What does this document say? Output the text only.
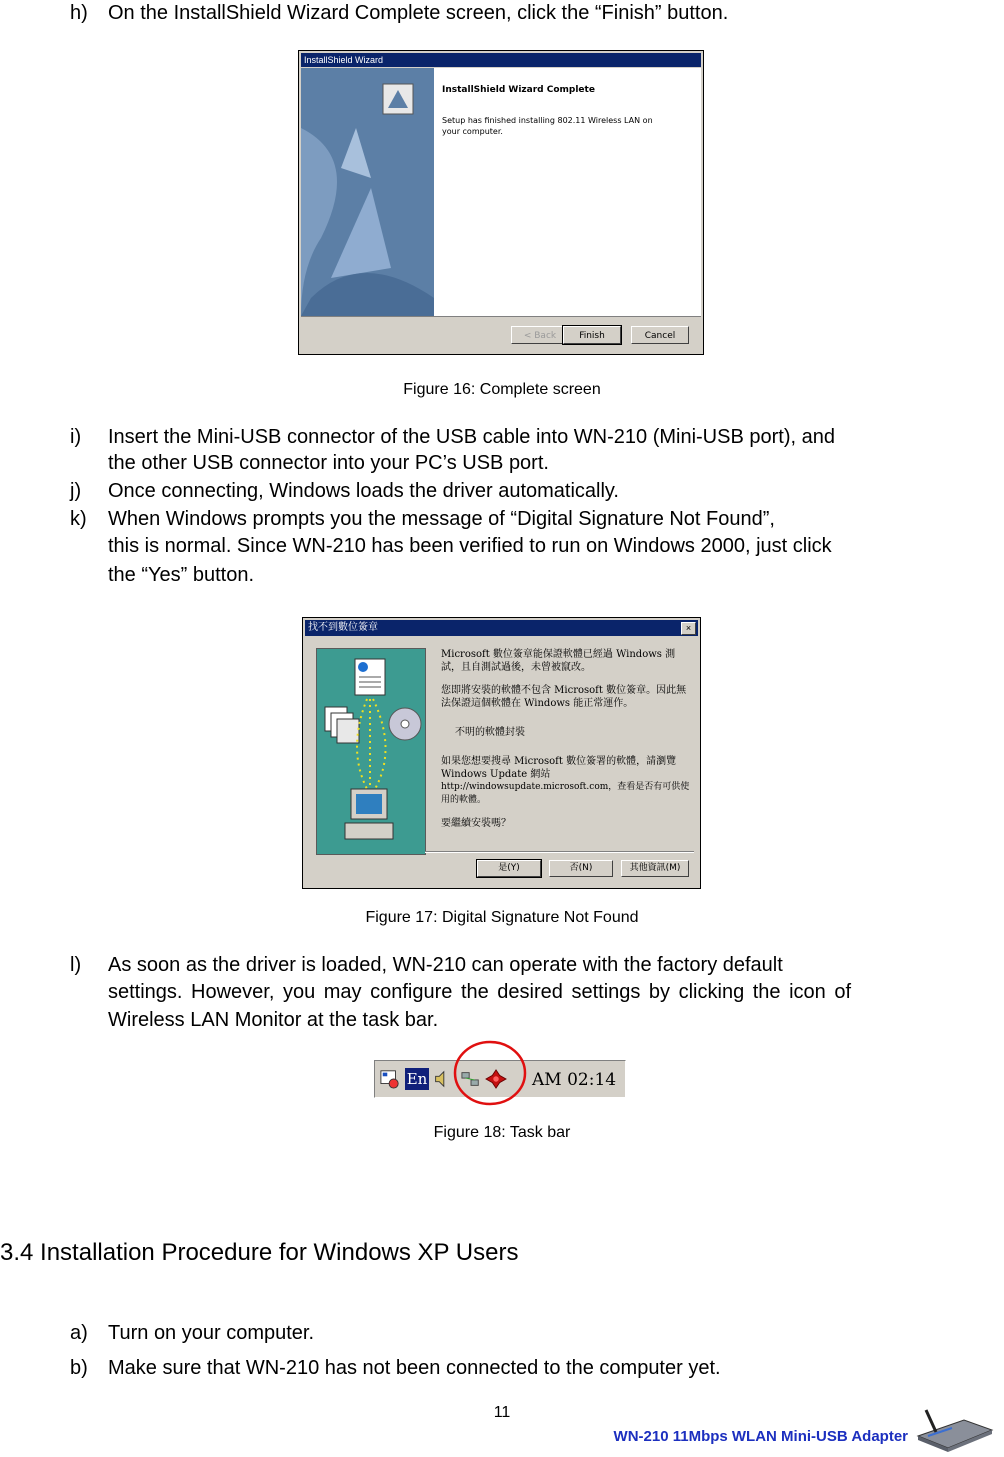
h)	On the InstallShield Wizard Complete screen, click the “Finish” button.
InstallShield Wizard
InstallShield Wizard Complete
Setup has finished installing 802.11 Wireless LAN on your computer.
< Back	Finish	Cancel
Figure 16: Complete screen
i)	Insert the Mini-USB connector of the USB cable into WN-210 (Mini-USB port), and
the other USB connector into your PC’s USB port.
j)	Once connecting, Windows loads the driver automatically.
k)	When Windows prompts you the message of “Digital Signature Not Found”,
this is normal. Since WN-210 has been verified to run on Windows 2000, just click
the “Yes” button.
找不到數位簽章	×

Microsoft 數位簽章能保證軟體已經過 Windows 測試，且自測試過後，未曾被竄改。

您即將安裝的軟體不包含 Microsoft 數位簽章。因此無法保證這個軟體在 Windows 能正常運作。

不明的軟體封裝

如果您想要搜尋 Microsoft 數位簽署的軟體，請瀏覽 Windows Update 網站

http://windowsupdate.microsoft.com，查看是否有可供使用的軟體。

要繼續安裝嗎？

是(Y)	否(N)	其他資訊(M)
Figure 17: Digital Signature Not Found
l)	As soon as the driver is loaded, WN-210 can operate with the factory default
settings. However, you may configure the desired settings by clicking the icon of
Wireless LAN Monitor at the task bar.
En	AM 02:14
Figure 18: Task bar
3.4 Installation Procedure for Windows XP Users
a)	Turn on your computer.
b)	Make sure that WN-210 has not been connected to the computer yet.
11
WN-210 11Mbps WLAN Mini-USB Adapter
